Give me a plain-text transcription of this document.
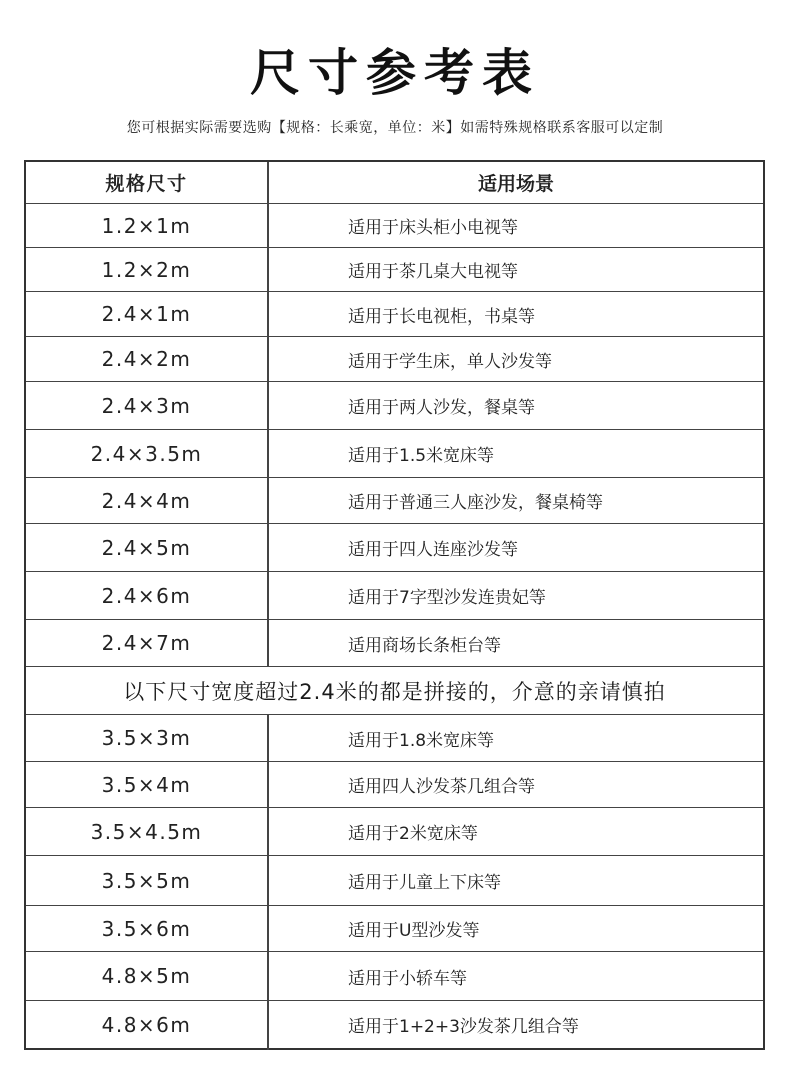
尺寸参考表
您可根据实际需要选购【规格：长乘宽，单位：米】如需特殊规格联系客服可以定制
规格尺寸	适用场景
1.2×1m	适用于床头柜小电视等
1.2×2m	适用于茶几桌大电视等
2.4×1m	适用于长电视柜，书桌等
2.4×2m	适用于学生床，单人沙发等
2.4×3m	适用于两人沙发，餐桌等
2.4×3.5m	适用于1.5米宽床等
2.4×4m	适用于普通三人座沙发，餐桌椅等
2.4×5m	适用于四人连座沙发等
2.4×6m	适用于7字型沙发连贵妃等
2.4×7m	适用商场长条柜台等
以下尺寸宽度超过2.4米的都是拼接的，介意的亲请慎拍
3.5×3m	适用于1.8米宽床等
3.5×4m	适用四人沙发茶几组合等
3.5×4.5m	适用于2米宽床等
3.5×5m	适用于儿童上下床等
3.5×6m	适用于U型沙发等
4.8×5m	适用于小轿车等
4.8×6m	适用于1+2+3沙发茶几组合等
